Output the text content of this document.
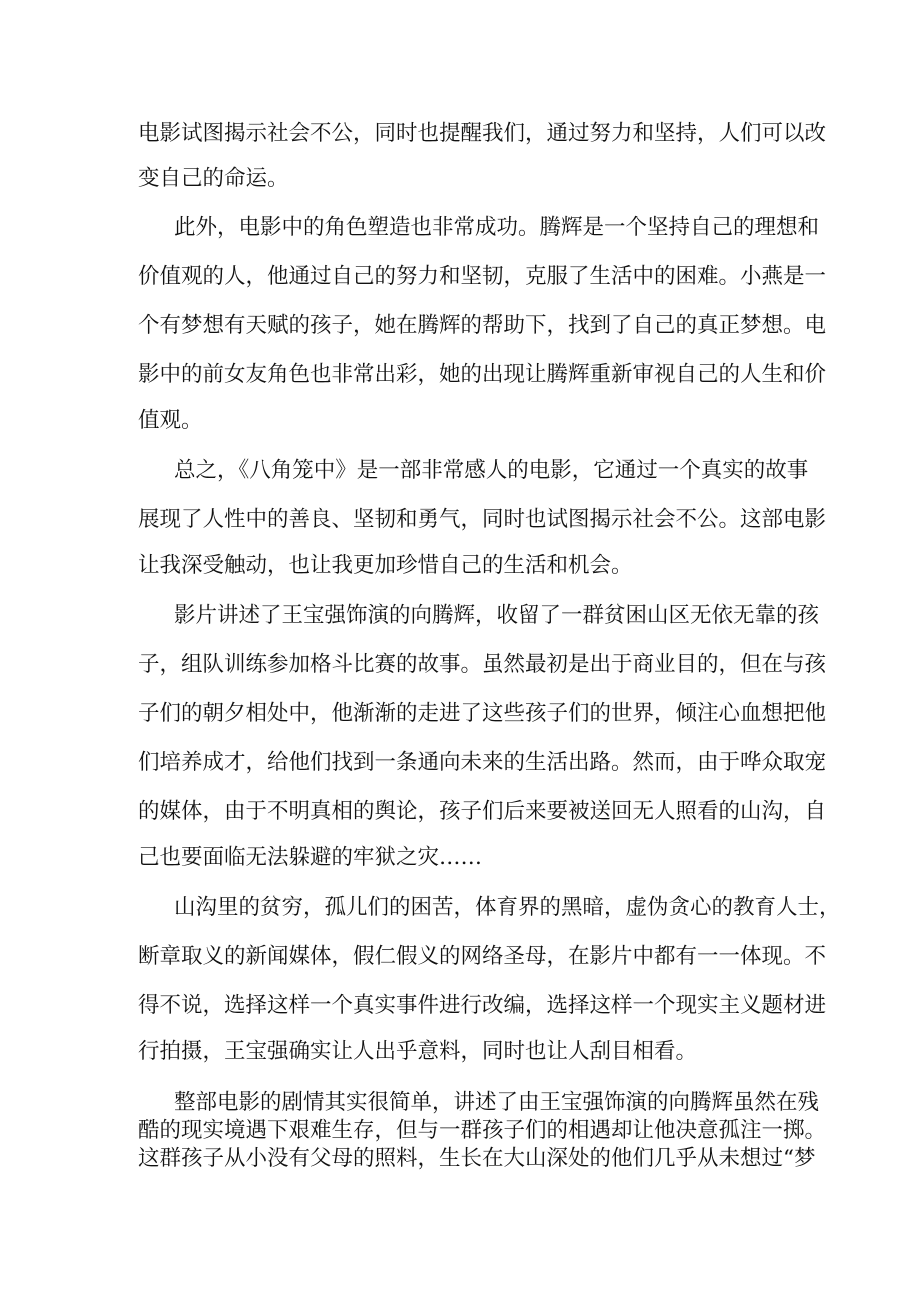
电影试图揭示社会不公，同时也提醒我们，通过努力和坚持，人们可以改

变自己的命运。

此外，电影中的角色塑造也非常成功。腾辉是一个坚持自己的理想和

价值观的人，他通过自己的努力和坚韧，克服了生活中的困难。小燕是一

个有梦想有天赋的孩子，她在腾辉的帮助下，找到了自己的真正梦想。电

影中的前女友角色也非常出彩，她的出现让腾辉重新审视自己的人生和价

值观。

总之，《八角笼中》是一部非常感人的电影，它通过一个真实的故事

展现了人性中的善良、坚韧和勇气，同时也试图揭示社会不公。这部电影

让我深受触动，也让我更加珍惜自己的生活和机会。

影片讲述了王宝强饰演的向腾辉，收留了一群贫困山区无依无靠的孩

子，组队训练参加格斗比赛的故事。虽然最初是出于商业目的，但在与孩

子们的朝夕相处中，他渐渐的走进了这些孩子们的世界，倾注心血想把他

们培养成才，给他们找到一条通向未来的生活出路。然而，由于哗众取宠

的媒体，由于不明真相的舆论，孩子们后来要被送回无人照看的山沟，自

己也要面临无法躲避的牢狱之灾……

山沟里的贫穷，孤儿们的困苦，体育界的黑暗，虚伪贪心的教育人士，

断章取义的新闻媒体，假仁假义的网络圣母，在影片中都有一一体现。不

得不说，选择这样一个真实事件进行改编，选择这样一个现实主义题材进

行拍摄，王宝强确实让人出乎意料，同时也让人刮目相看。

整部电影的剧情其实很简单，讲述了由王宝强饰演的向腾辉虽然在残

酷的现实境遇下艰难生存，但与一群孩子们的相遇却让他决意孤注一掷。

这群孩子从小没有父母的照料，生长在大山深处的他们几乎从未想过“梦
